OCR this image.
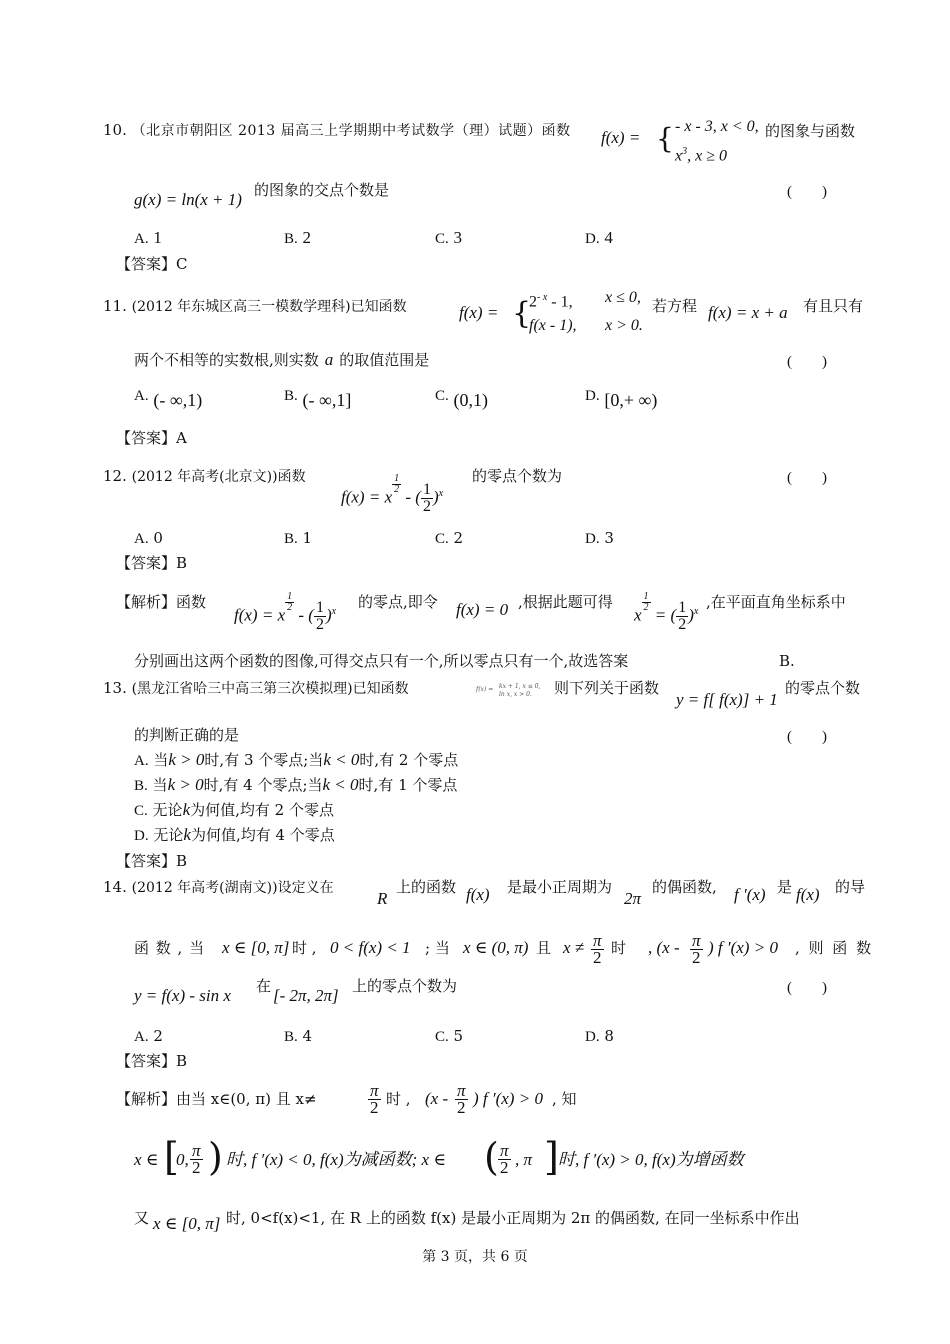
10. （北京市朝阳区 2013 届高三上学期期中考试数学（理）试题）函数 f(x) = { - x - 3, x < 0,
$x^3$, x ≥ 0
的图象与函数
g(x) = ln(x + 1) 的图象的交点个数是	(　　)
A. 1	B. 2	C. 3	D. 4
【答案】C
11. (2012 年东城区高三一模数学理科)已知函数	f(x) = {
$2^{- x} - 1$, x ≤ 0,
f(x - 1), x > 0.
若方程 f(x) = x + a 有且只有
两个不相等的实数根,则实数 a 的取值范围是	(　　)
A. (- ∞,1)	B. (- ∞,1]	C. (0,1)	D. [0,+ ∞)
【答案】A
12. (2012 年高考(北京文))函数
f(x) = x
$\frac{1}{2}$
- ( $\frac{1}{2} )^x$
的零点个数为	(　　)
A. 0	B. 1	C. 2	D. 3
【答案】B
【解析】函数
f(x) = x
$\frac{1}{2}$
- ( $\frac{1}{2} )^x$
的零点,即令 f(x) = 0 ,根据此题可得
x
$\frac{1}{2}$
= ( $\frac{1}{2} )^x$
,在平面直角坐标系中
分别画出这两个函数的图像,可得交点只有一个,所以零点只有一个,故选答案	B.
13. (黑龙江省哈三中高三第三次模拟理)已知函数	f(x) = kx + 1, x ≤ 0,
ln x, x > 0.	则下列关于函数
y = f[ f(x)] + 1
的零点个数
的判断正确的是	(　　)
A. 当k > 0时,有 3 个零点;当k < 0时,有 2 个零点
B. 当k > 0时,有 4 个零点;当k < 0时,有 1 个零点
C. 无论k为何值,均有 2 个零点
D. 无论k为何值,均有 4 个零点
【答案】B
14. (2012 年高考(湖南文))设定义在
R
上的函数 f(x) 是最小正周期为
2π
的偶函数, f ′(x) 是 f(x) 的导
函 数 , 当 x ∈ [0, π] 时 , 0 < f(x) < 1 ; 当 x ∈ (0, π) 且 $x \ne \frac{\pi}{2}$ 时 , ($x - \frac{\pi}{2}$ ) f ′(x) > 0 , 则 函 数
y = f(x) - sin x 在 [- 2π, 2π] 上的零点个数为	(　　)
A. 2	B. 4	C. 5	D. 8
【答案】B
【解析】由当 x∈(0, π) 且 x≠	$\frac{\pi}{2}$ 时 , ($x - \frac{\pi}{2}$ ) f ′(x) > 0 , 知
x ∈ [
0, $\frac{\pi}{2}$ ) 时, f ′(x) < 0, f(x)为减函数; x ∈ ( $\frac{\pi}{2}$ , π ] 时, f ′(x) > 0, f(x)为增函数
又 x ∈ [0, π] 时, 0<f(x)<1, 在 R 上的函数 f(x) 是最小正周期为 2π 的偶函数, 在同一坐标系中作出
第 3 页，共 6 页
